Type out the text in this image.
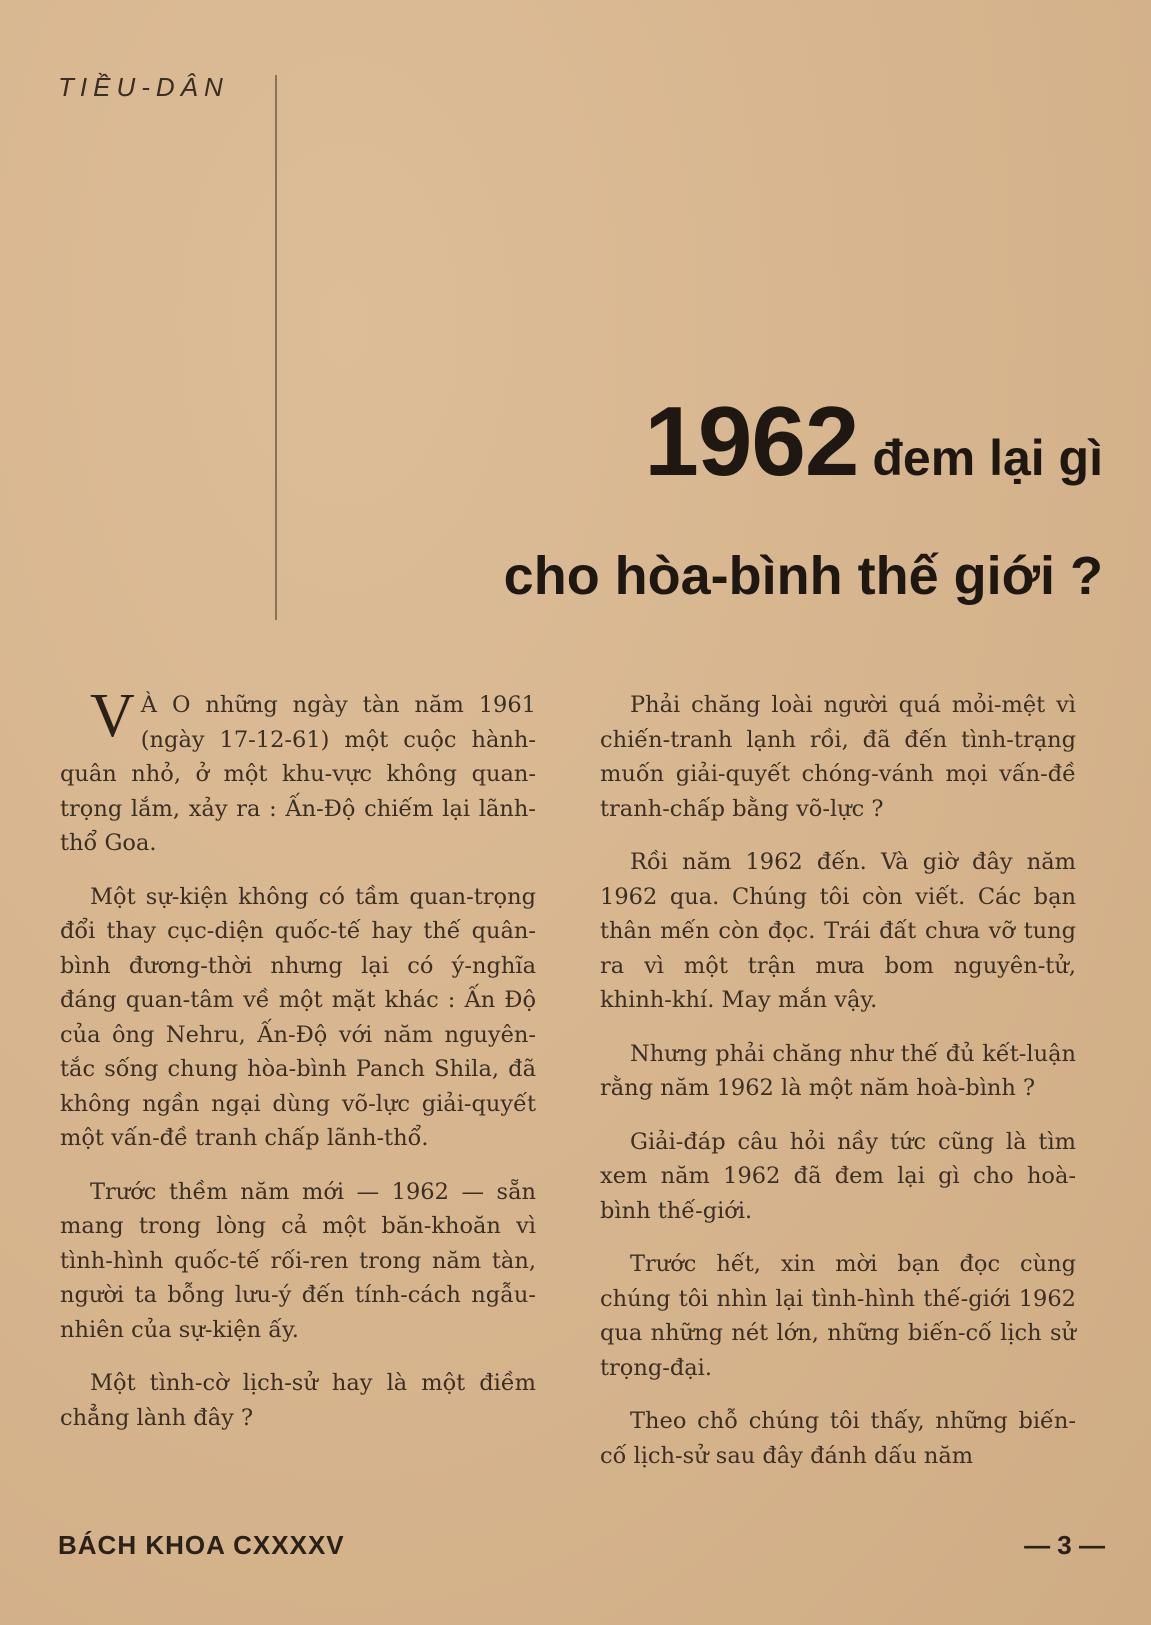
TIỀU-DÂN
1962 đem lại gì
cho hòa-bình thế giới ?

V À O những ngày tàn năm 1961 (ngày 17-12-61) một cuộc hành-quân nhỏ, ở một khu-vực không quan-trọng lắm, xảy ra : Ấn-Độ chiếm lại lãnh-thổ Goa.

Một sự-kiện không có tầm quan-trọng đổi thay cục-diện quốc-tế hay thế quân-bình đương-thời nhưng lại có ý-nghĩa đáng quan-tâm về một mặt khác : Ấn Độ của ông Nehru, Ấn-Độ với năm nguyên-tắc sống chung hòa-bình Panch Shila, đã không ngần ngại dùng võ-lực giải-quyết một vấn-đề tranh chấp lãnh-thổ.

Trước thềm năm mới — 1962 — sẵn mang trong lòng cả một băn-khoăn vì tình-hình quốc-tế rối-ren trong năm tàn, người ta bỗng lưu-ý đến tính-cách ngẫu-nhiên của sự-kiện ấy.

Một tình-cờ lịch-sử hay là một điềm chẳng lành đây ?

Phải chăng loài người quá mỏi-mệt vì chiến-tranh lạnh rồi, đã đến tình-trạng muốn giải-quyết chóng-vánh mọi vấn-đề tranh-chấp bằng võ-lực ?

Rồi năm 1962 đến. Và giờ đây năm 1962 qua. Chúng tôi còn viết. Các bạn thân mến còn đọc. Trái đất chưa vỡ tung ra vì một trận mưa bom nguyên-tử, khinh-khí. May mắn vậy.

Nhưng phải chăng như thế đủ kết-luận rằng năm 1962 là một năm hoà-bình ?

Giải-đáp câu hỏi nầy tức cũng là tìm xem năm 1962 đã đem lại gì cho hoà-bình thế-giới.

Trước hết, xin mời bạn đọc cùng chúng tôi nhìn lại tình-hình thế-giới 1962 qua những nét lớn, những biến-cố lịch sử trọng-đại.

Theo chỗ chúng tôi thấy, những biến-cố lịch-sử sau đây đánh dấu năm

BÁCH KHOA CXXXXV	— 3 —
